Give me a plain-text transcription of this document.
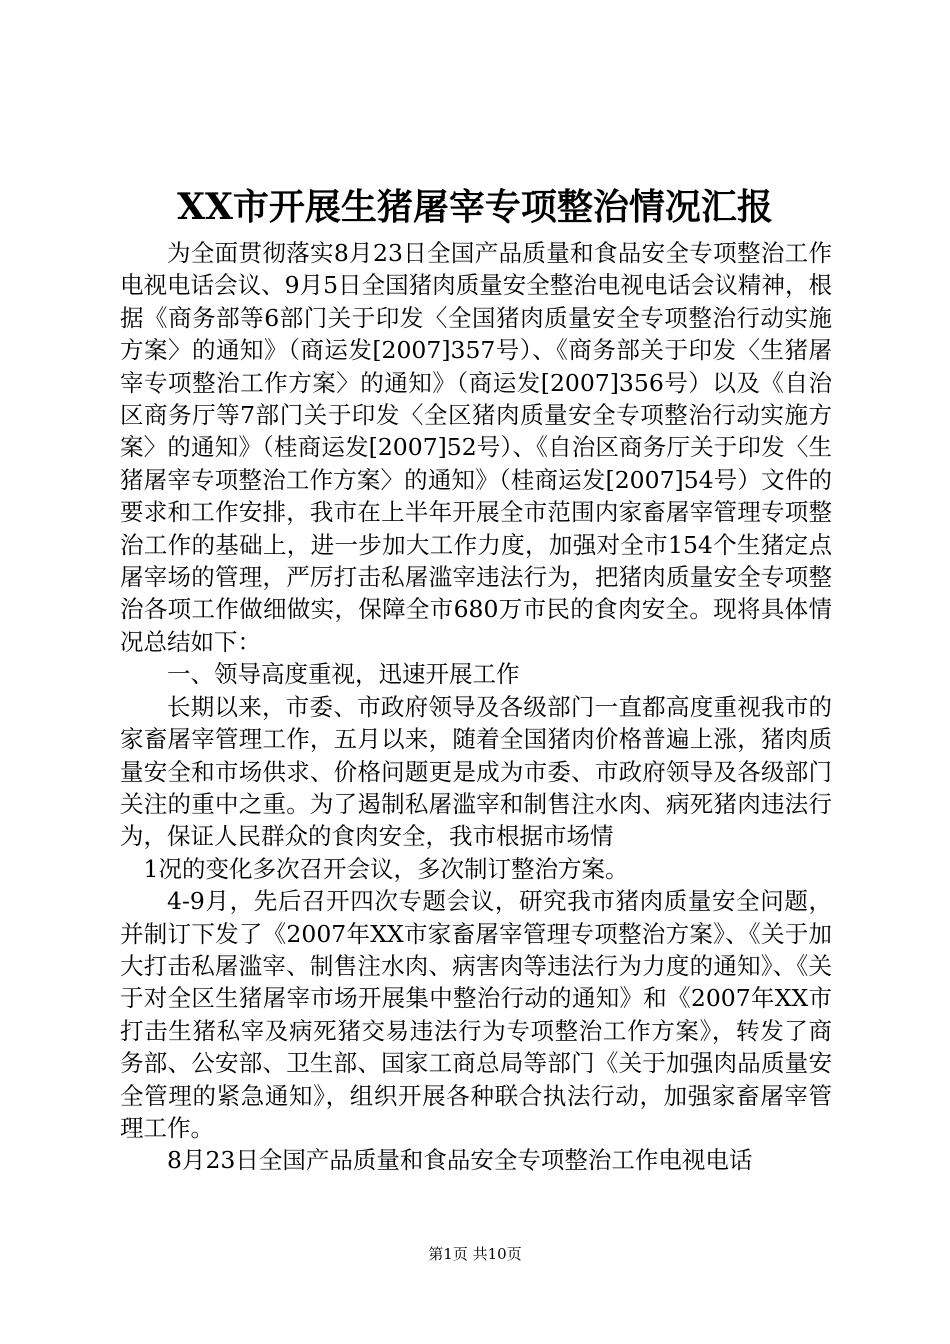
XX市开展生猪屠宰专项整治情况汇报

为全面贯彻落实8月23日全国产品质量和食品安全专项整治工作电视电话会议、9月5日全国猪肉质量安全整治电视电话会议精神，根据《商务部等6部门关于印发〈全国猪肉质量安全专项整治行动实施方案〉的通知》（商运发[2007]357号）、《商务部关于印发〈生猪屠宰专项整治工作方案〉的通知》（商运发[2007]356号）以及《自治区商务厅等7部门关于印发〈全区猪肉质量安全专项整治行动实施方案〉的通知》（桂商运发[2007]52号）、《自治区商务厅关于印发〈生猪屠宰专项整治工作方案〉的通知》（桂商运发[2007]54号）文件的要求和工作安排，我市在上半年开展全市范围内家畜屠宰管理专项整治工作的基础上，进一步加大工作力度，加强对全市154个生猪定点屠宰场的管理，严厉打击私屠滥宰违法行为，把猪肉质量安全专项整治各项工作做细做实，保障全市680万市民的食肉安全。现将具体情况总结如下：

一、领导高度重视，迅速开展工作

长期以来，市委、市政府领导及各级部门一直都高度重视我市的家畜屠宰管理工作，五月以来，随着全国猪肉价格普遍上涨，猪肉质量安全和市场供求、价格问题更是成为市委、市政府领导及各级部门关注的重中之重。为了遏制私屠滥宰和制售注水肉、病死猪肉违法行为，保证人民群众的食肉安全，我市根据市场情

1况的变化多次召开会议，多次制订整治方案。

4-9月，先后召开四次专题会议，研究我市猪肉质量安全问题，并制订下发了《2007年XX市家畜屠宰管理专项整治方案》、《关于加大打击私屠滥宰、制售注水肉、病害肉等违法行为力度的通知》、《关于对全区生猪屠宰市场开展集中整治行动的通知》和《2007年XX市打击生猪私宰及病死猪交易违法行为专项整治工作方案》，转发了商务部、公安部、卫生部、国家工商总局等部门《关于加强肉品质量安全管理的紧急通知》，组织开展各种联合执法行动，加强家畜屠宰管理工作。

8月23日全国产品质量和食品安全专项整治工作电视电话

第1页 共10页
